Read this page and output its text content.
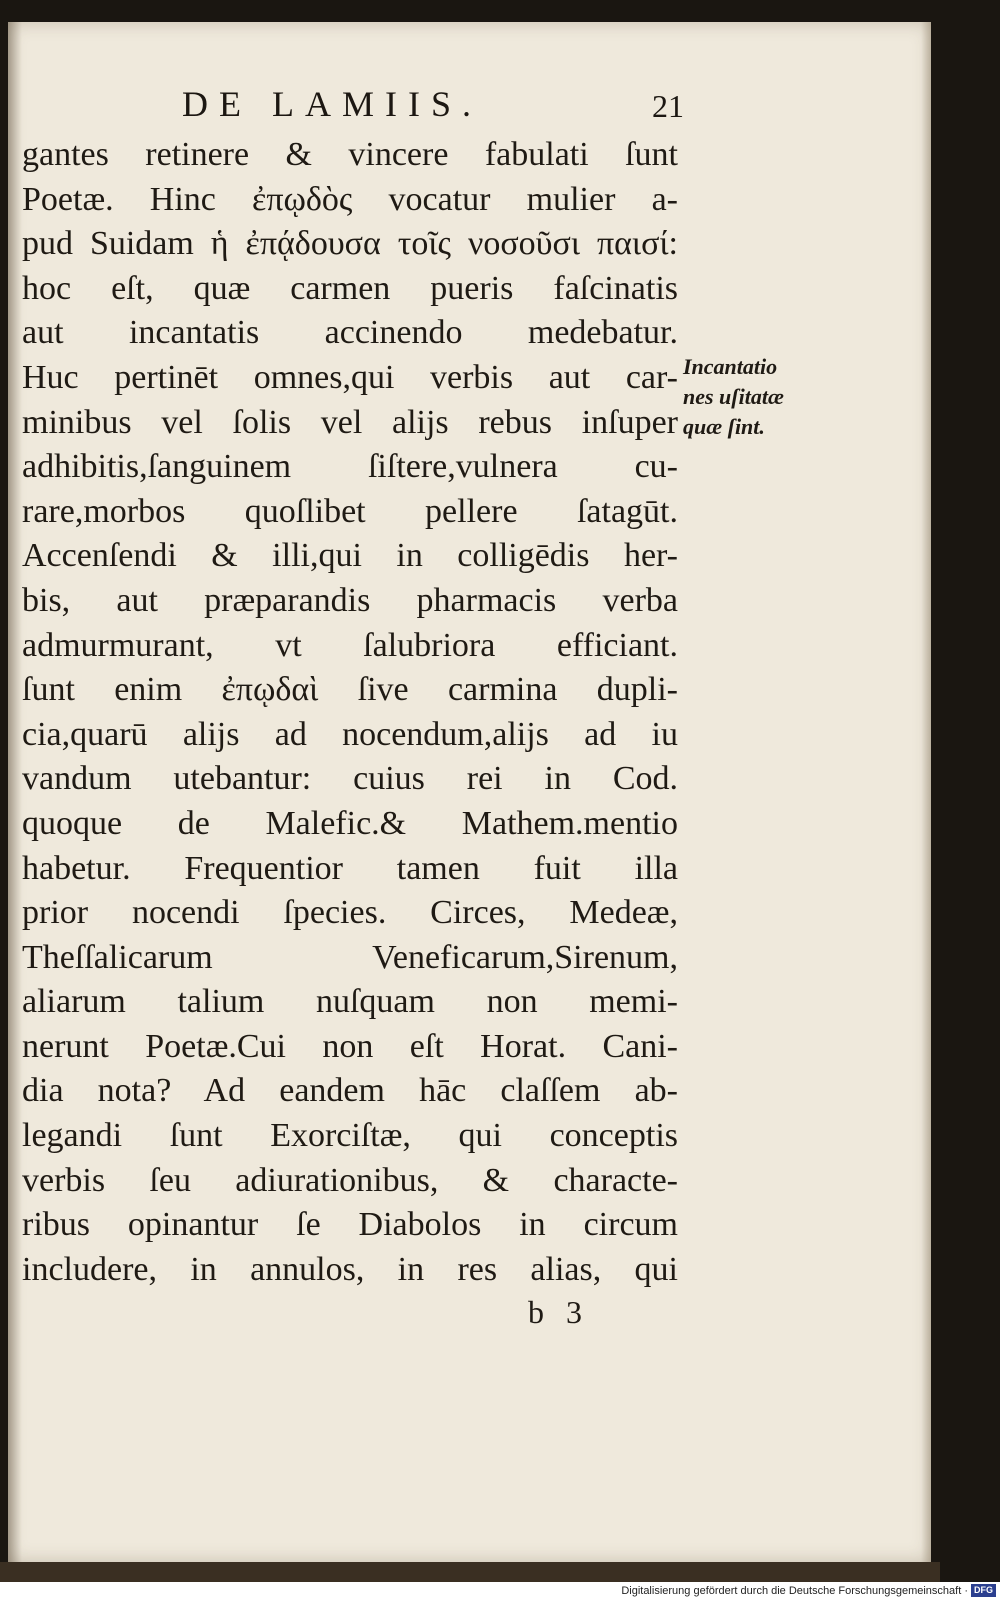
DE LAMIIS.	21
gantes retinere & vincere fabulati ſunt
Poetæ. Hinc ἐπῳδὸς vocatur mulier a-
pud Suidam ἡ ἐπᾴδουσα τοῖς νοσοῦσι παισί:
hoc eſt, quæ carmen pueris faſcinatis
aut incantatis accinendo medebatur.
Huc pertinēt omnes,qui verbis aut car-
minibus vel ſolis vel alijs rebus inſuper
adhibitis,ſanguinem ſiſtere,vulnera cu-
rare,morbos quoſlibet pellere ſatagūt.
Accenſendi & illi,qui in colligēdis her-
bis, aut præparandis pharmacis verba
admurmurant, vt ſalubriora efficiant.
ſunt enim ἐπῳδαὶ ſive carmina dupli-
cia,quarū alijs ad nocendum,alijs ad iu
vandum utebantur: cuius rei in Cod.
quoque de Malefic.& Mathem.mentio
habetur. Frequentior tamen fuit illa
prior nocendi ſpecies. Circes, Medeæ,
Theſſalicarum Veneficarum,Sirenum,
aliarum talium nuſquam non memi-
nerunt Poetæ.Cui non eſt Horat. Cani-
dia nota? Ad eandem hāc claſſem ab-
legandi ſunt Exorciſtæ, qui conceptis
verbis ſeu adiurationibus, & characte-
ribus opinantur ſe Diabolos in circum
includere, in annulos, in res alias, qui
Incantatio
nes uſitatæ
quæ ſint.
b 3
Digitalisierung gefördert durch die Deutsche Forschungsgemeinschaft · DFG
